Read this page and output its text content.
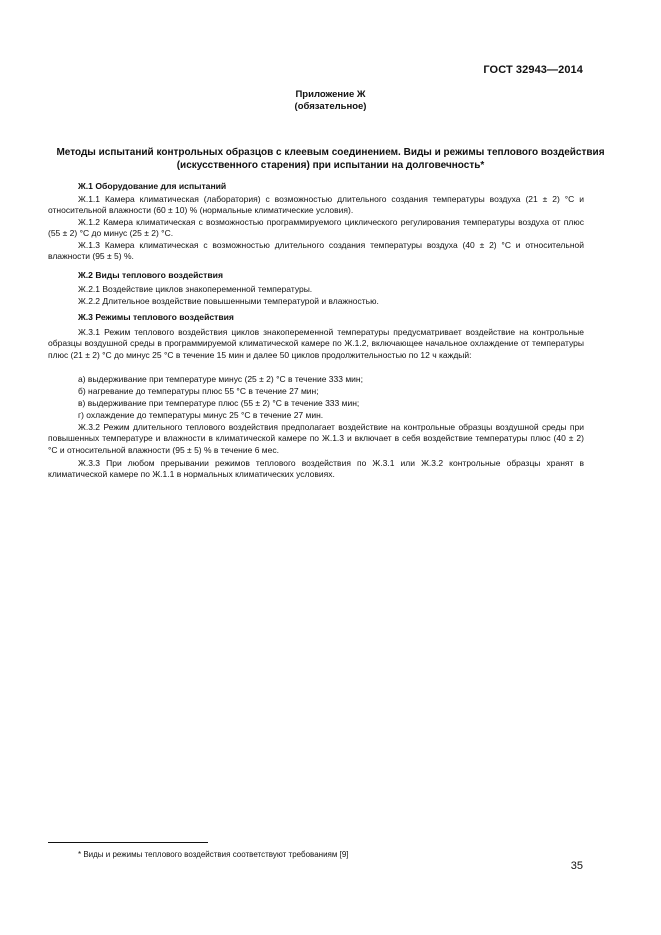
ГОСТ 32943—2014
Приложение Ж
(обязательное)
Методы испытаний контрольных образцов с клеевым соединением. Виды и режимы теплового воздействия (искусственного старения) при испытании на долговечность*
Ж.1 Оборудование для испытаний
Ж.1.1 Камера климатическая (лаборатория) с возможностью длительного создания температуры воздуха (21 ± 2) °С и относительной влажности (60 ± 10) % (нормальные климатические условия).
Ж.1.2 Камера климатическая с возможностью программируемого циклического регулирования температуры воздуха от плюс (55 ± 2) °С до минус (25 ± 2) °С.
Ж.1.3 Камера климатическая с возможностью длительного создания температуры воздуха (40 ± 2) °С и относительной влажности (95 ± 5) %.
Ж.2 Виды теплового воздействия
Ж.2.1 Воздействие циклов знакопеременной температуры.
Ж.2.2 Длительное воздействие повышенными температурой и влажностью.
Ж.3 Режимы теплового воздействия
Ж.3.1 Режим теплового воздействия циклов знакопеременной температуры предусматривает воздействие на контрольные образцы воздушной среды в программируемой климатической камере по Ж.1.2, включающее начальное охлаждение от температуры плюс (21 ± 2) °С до минус 25 °С в течение 15 мин и далее 50 циклов продолжительностью по 12 ч каждый:
а) выдерживание при температуре минус (25 ± 2) °С в течение 333 мин;
б) нагревание до температуры плюс 55 °С в течение 27 мин;
в) выдерживание при температуре плюс (55 ± 2) °С в течение 333 мин;
г) охлаждение до температуры минус 25 °С в течение 27 мин.
Ж.3.2 Режим длительного теплового воздействия предполагает воздействие на контрольные образцы воздушной среды при повышенных температуре и влажности в климатической камере по Ж.1.3 и включает в себя воздействие температуры плюс (40 ± 2) °С и относительной влажности (95 ± 5) % в течение 6 мес.
Ж.3.3 При любом прерывании режимов теплового воздействия по Ж.3.1 или Ж.3.2 контрольные образцы хранят в климатической камере по Ж.1.1 в нормальных климатических условиях.
* Виды и режимы теплового воздействия соответствуют требованиям [9]
35
